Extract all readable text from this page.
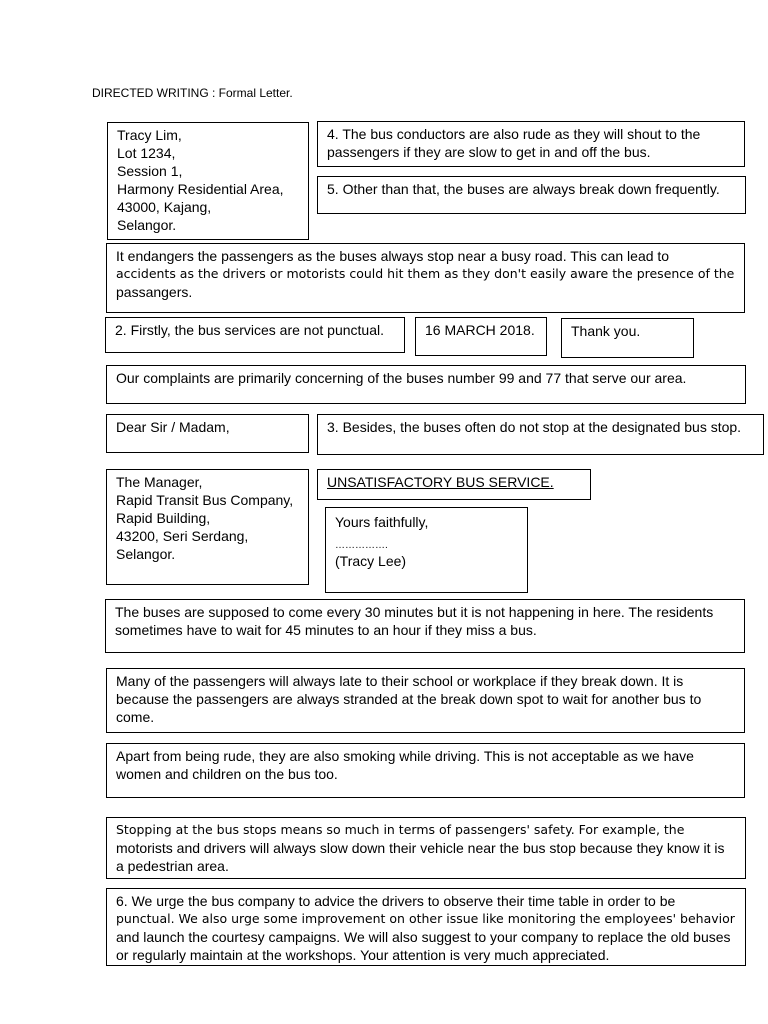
DIRECTED WRITING : Formal Letter.
Tracy Lim,
Lot 1234,
Session 1,
Harmony Residential Area,
43000, Kajang,
Selangor.
4. The bus conductors are also rude as they will shout to the passengers if they are slow to get in and off the bus.
5. Other than that, the buses are always break down frequently.
It endangers the passengers as the buses always stop near a busy road. This can lead to
accidents as the drivers or motorists could hit them as they don't easily aware the presence of the
passangers.
2. Firstly, the bus services are not punctual.	16 MARCH 2018.	Thank you.
Our complaints are primarily concerning of the buses number 99 and 77 that serve our area.
Dear Sir / Madam,	3. Besides, the buses often do not stop at the designated bus stop.
The Manager,
Rapid Transit Bus Company,
Rapid Building,
43200, Seri Serdang,
Selangor.
UNSATISFACTORY BUS SERVICE.
Yours faithfully,
…………….
(Tracy Lee)
The buses are supposed to come every 30 minutes but it is not happening in here. The residents sometimes have to wait for 45 minutes to an hour if they miss a bus.
Many of the passengers will always late to their school or workplace if they break down. It is because the passengers are always stranded at the break down spot to wait for another bus to come.
Apart from being rude, they are also smoking while driving. This is not acceptable as we have women and children on the bus too.
Stopping at the bus stops means so much in terms of passengers' safety. For example, the
motorists and drivers will always slow down their vehicle near the bus stop because they know it is a pedestrian area.
6. We urge the bus company to advice the drivers to observe their time table in order to be
punctual. We also urge some improvement on other issue like monitoring the employees' behavior
and launch the courtesy campaigns. We will also suggest to your company to replace the old buses or regularly maintain at the workshops. Your attention is very much appreciated.
